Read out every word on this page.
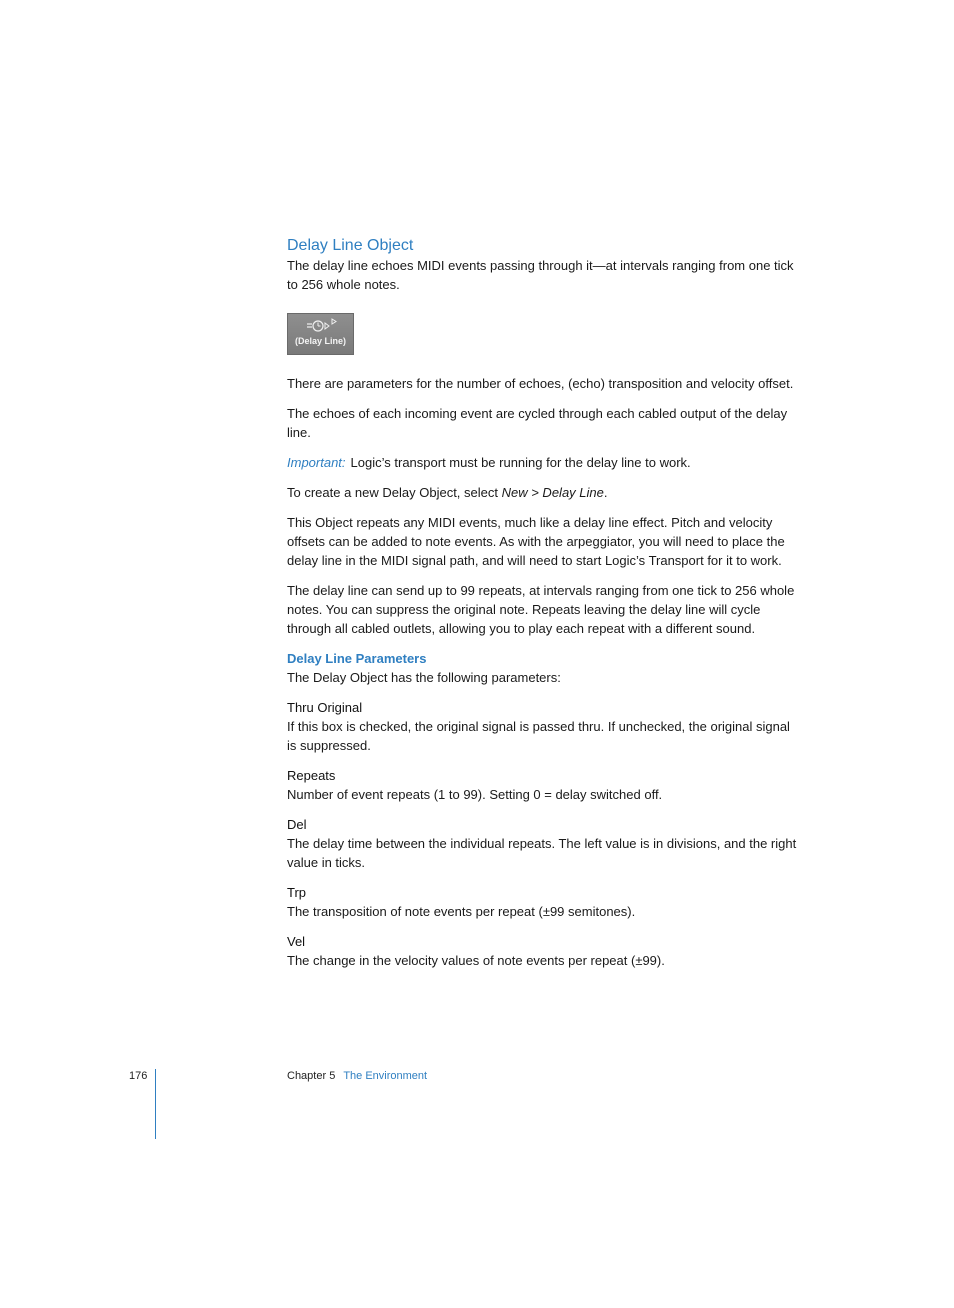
Delay Line Object

The delay line echoes MIDI events passing through it—at intervals ranging from one tick to 256 whole notes.

(Delay Line)

There are parameters for the number of echoes, (echo) transposition and velocity offset.

The echoes of each incoming event are cycled through each cabled output of the delay line.

Important: Logic’s transport must be running for the delay line to work.

To create a new Delay Object, select New > Delay Line.

This Object repeats any MIDI events, much like a delay line effect. Pitch and velocity offsets can be added to note events. As with the arpeggiator, you will need to place the delay line in the MIDI signal path, and will need to start Logic’s Transport for it to work.

The delay line can send up to 99 repeats, at intervals ranging from one tick to 256 whole notes. You can suppress the original note. Repeats leaving the delay line will cycle through all cabled outlets, allowing you to play each repeat with a different sound.

Delay Line Parameters

The Delay Object has the following parameters:

Thru Original

If this box is checked, the original signal is passed thru. If unchecked, the original signal is suppressed.

Repeats

Number of event repeats (1 to 99). Setting 0 = delay switched off.

Del

The delay time between the individual repeats. The left value is in divisions, and the right value in ticks.

Trp

The transposition of note events per repeat (±99 semitones).

Vel

The change in the velocity values of note events per repeat (±99).

176	Chapter 5 The Environment
